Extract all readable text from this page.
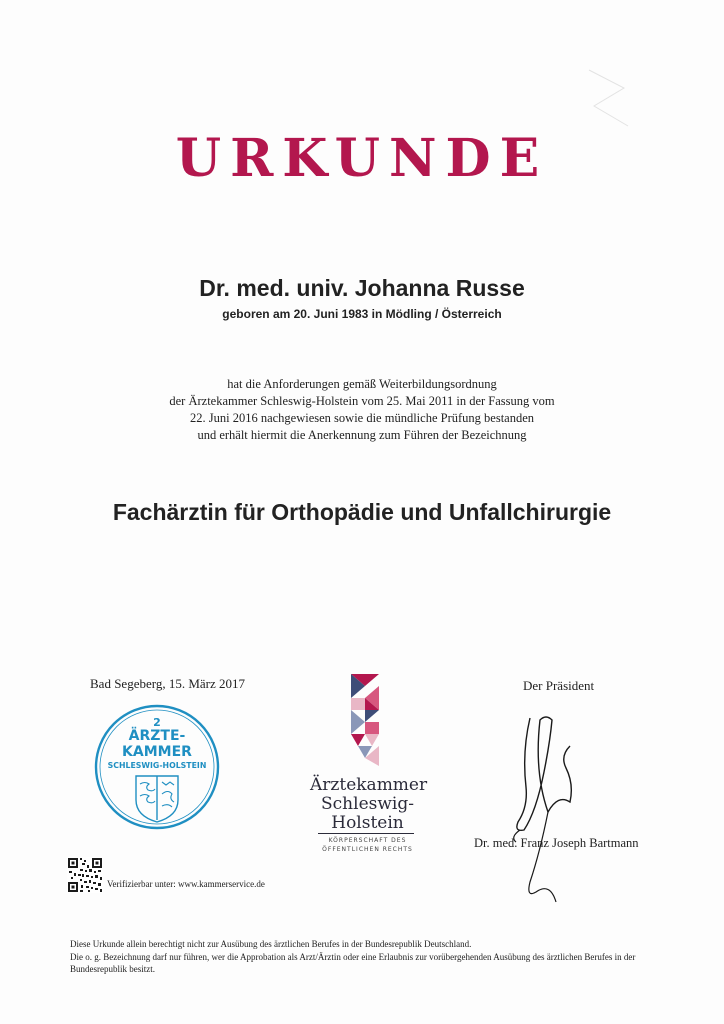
URKUNDE
Dr. med. univ. Johanna Russe
geboren am 20. Juni 1983 in Mödling / Österreich
hat die Anforderungen gemäß Weiterbildungsordnung
der Ärztekammer Schleswig-Holstein vom 25. Mai 2011 in der Fassung vom
22. Juni 2016 nachgewiesen sowie die mündliche Prüfung bestanden
und erhält hiermit die Anerkennung zum Führen der Bezeichnung
Fachärztin für Orthopädie und Unfallchirurgie
Bad Segeberg, 15. März 2017	Der Präsident
2
ÄRZTE-
KAMMER
SCHLESWIG-HOLSTEIN
Ärztekammer
Schleswig-
Holstein
KÖRPERSCHAFT DES
ÖFFENTLICHEN RECHTS	Dr. med. Franz Joseph Bartmann
Verifizierbar unter: www.kammerservice.de
Diese Urkunde allein berechtigt nicht zur Ausübung des ärztlichen Berufes in der Bundesrepublik Deutschland.
Die o. g. Bezeichnung darf nur führen, wer die Approbation als Arzt/Ärztin oder eine Erlaubnis zur vorübergehenden Ausübung des ärztlichen Berufes in der Bundesrepublik besitzt.
